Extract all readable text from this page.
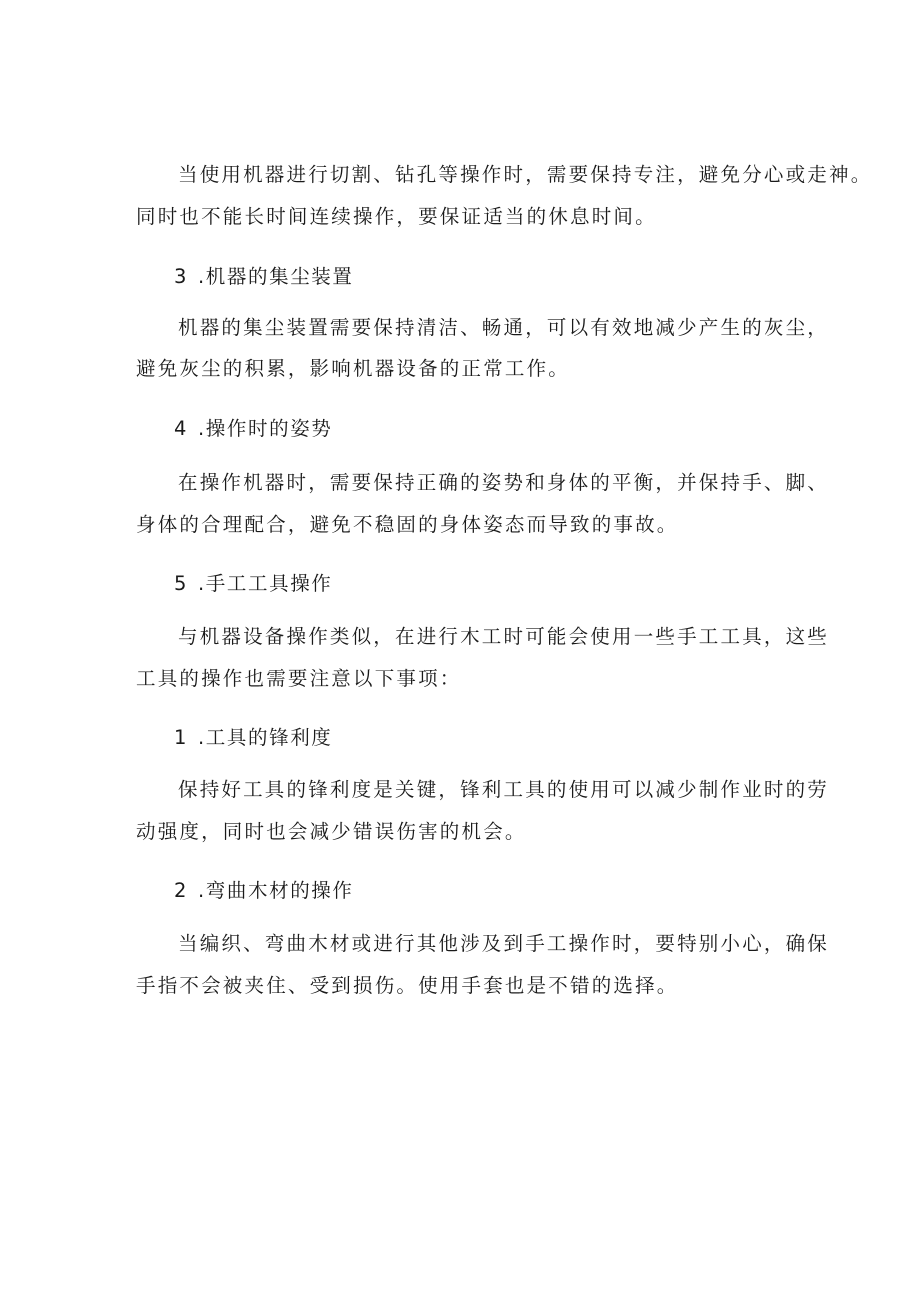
当使用机器进行切割、钻孔等操作时，需要保持专注，避免分心或走神。

同时也不能长时间连续操作，要保证适当的休息时间。

3 .机器的集尘装置

机器的集尘装置需要保持清洁、畅通，可以有效地减少产生的灰尘，

避免灰尘的积累，影响机器设备的正常工作。

4 .操作时的姿势

在操作机器时，需要保持正确的姿势和身体的平衡，并保持手、脚、

身体的合理配合，避免不稳固的身体姿态而导致的事故。

5 .手工工具操作

与机器设备操作类似，在进行木工时可能会使用一些手工工具，这些

工具的操作也需要注意以下事项：

1 .工具的锋利度

保持好工具的锋利度是关键，锋利工具的使用可以减少制作业时的劳

动强度，同时也会减少错误伤害的机会。

2 .弯曲木材的操作

当编织、弯曲木材或进行其他涉及到手工操作时，要特别小心，确保

手指不会被夹住、受到损伤。使用手套也是不错的选择。
